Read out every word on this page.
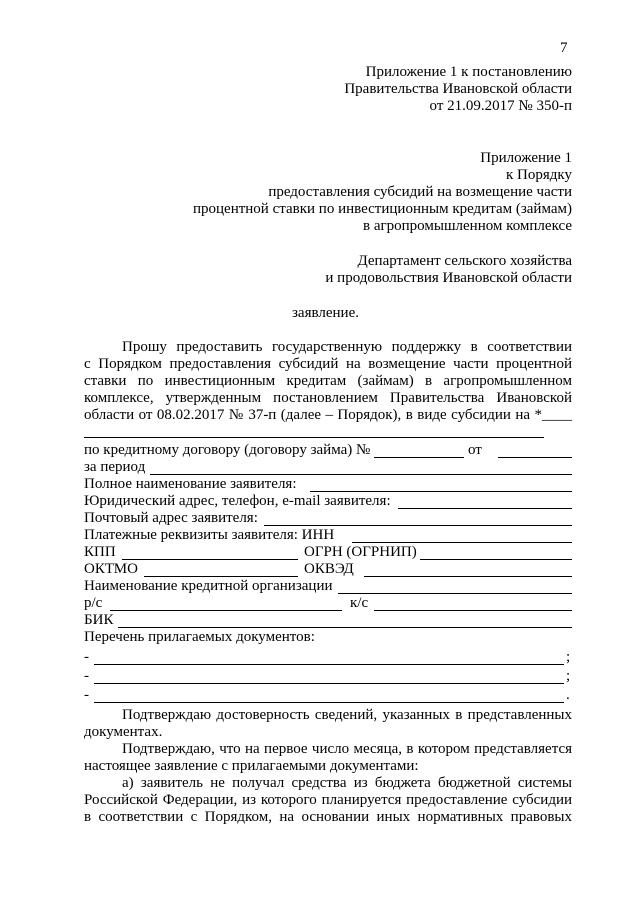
7
Приложение 1 к постановлению
Правительства Ивановской области
от 21.09.2017 № 350-п
Приложение 1
к Порядку
предоставления субсидий на возмещение части
процентной ставки по инвестиционным кредитам (займам)
в агропромышленном комплексе
Департамент сельского хозяйства
и продовольствия Ивановской области
заявление.
Прошу предоставить государственную поддержку в соответствии
с Порядком предоставления субсидий на возмещение части процентной
ставки по инвестиционным кредитам (займам) в агропромышленном
комплексе, утвержденным постановлением Правительства Ивановской
области от 08.02.2017 № 37-п (далее – Порядок), в виде субсидии на *____
по кредитному договору (договору займа) №	от
за период
Полное наименование заявителя:
Юридический адрес, телефон, e-mail заявителя:
Почтовый адрес заявителя:
Платежные реквизиты заявителя: ИНН
КПП	ОГРН (ОГРНИП)
ОКТМО	ОКВЭД
Наименование кредитной организации
р/с	к/с
БИК
Перечень прилагаемых документов:
-	;
-	;
-	.
Подтверждаю достоверность сведений, указанных в представленных
документах.
Подтверждаю, что на первое число месяца, в котором представляется
настоящее заявление с прилагаемыми документами:
а) заявитель не получал средства из бюджета бюджетной системы
Российской Федерации, из которого планируется предоставление субсидии
в соответствии с Порядком, на основании иных нормативных правовых
